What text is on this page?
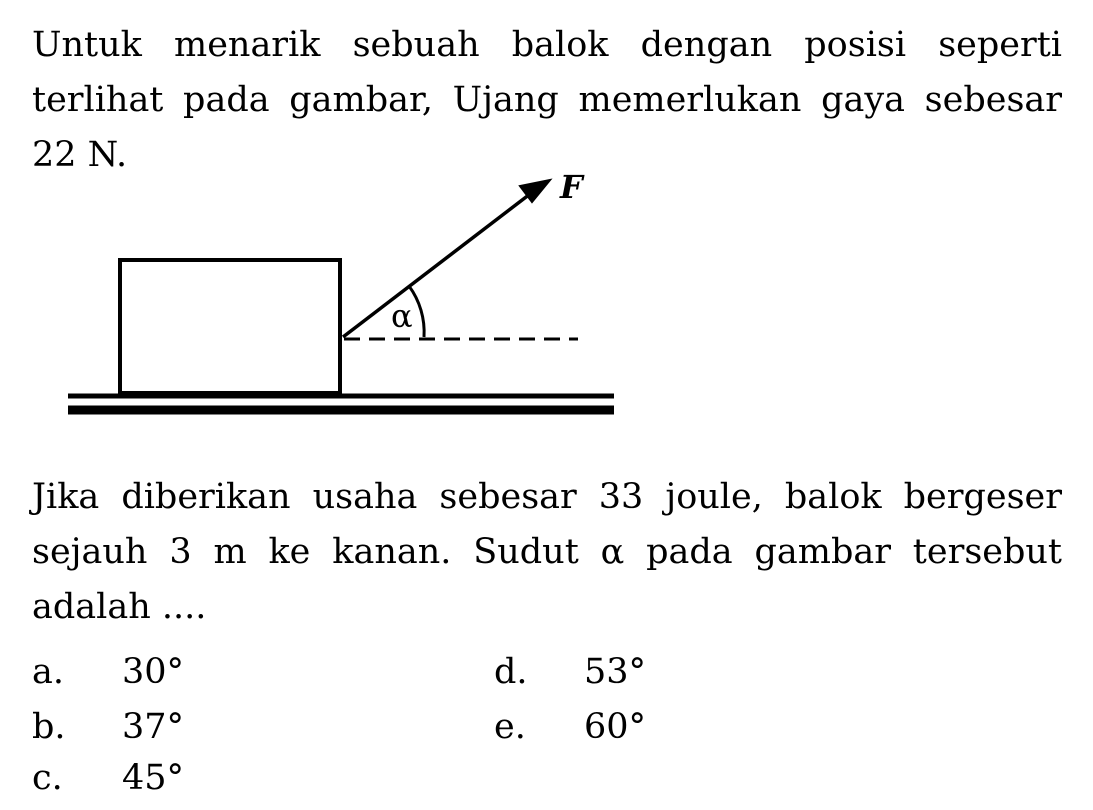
Untuk menarik sebuah balok dengan posisi seperti terlihat pada gambar, Ujang memerlukan gaya sebesar 22 N.

F
α

Jika diberikan usaha sebesar 33 joule, balok bergeser sejauh 3 m ke kanan. Sudut α pada gambar tersebut adalah ....

a. 30°
b. 37°
c. 45°
d. 53°
e. 60°
